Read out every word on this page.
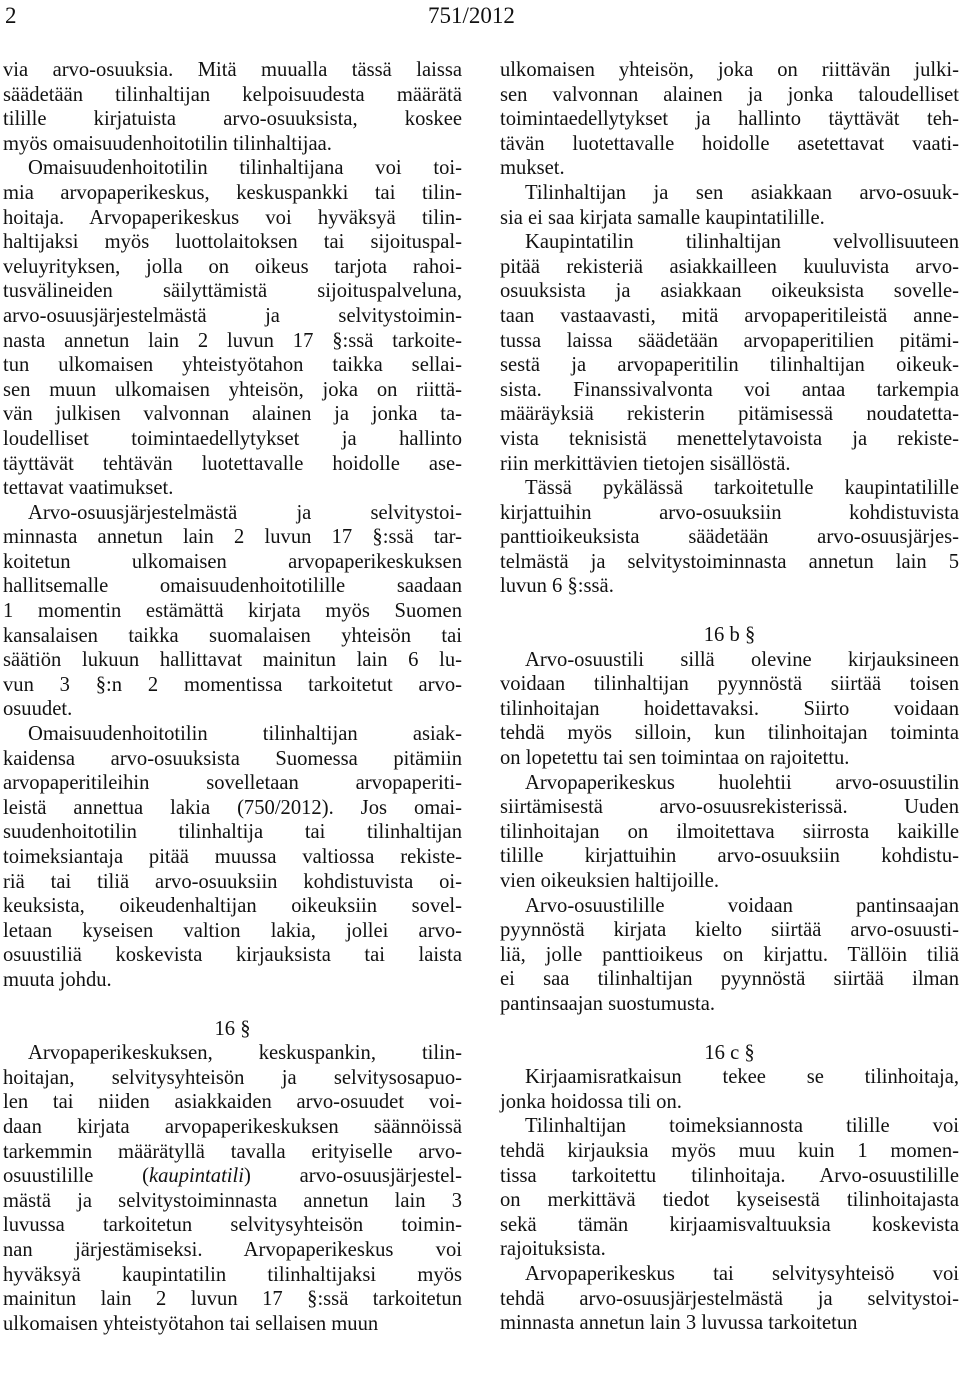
2	751/2012
via arvo-osuuksia. Mitä muualla tässä laissa
säädetään tilinhaltijan kelpoisuudesta määrätä
tilille kirjatuista arvo-osuuksista, koskee
myös omaisuudenhoitotilin tilinhaltijaa.
Omaisuudenhoitotilin tilinhaltijana voi toi-
mia arvopaperikeskus, keskuspankki tai tilin-
hoitaja. Arvopaperikeskus voi hyväksyä tilin-
haltijaksi myös luottolaitoksen tai sijoituspal-
veluyrityksen, jolla on oikeus tarjota rahoi-
tusvälineiden säilyttämistä sijoituspalveluna,
arvo-osuusjärjestelmästä ja selvitystoimin-
nasta annetun lain 2 luvun 17 §:ssä tarkoite-
tun ulkomaisen yhteistyötahon taikka sellai-
sen muun ulkomaisen yhteisön, joka on riittä-
vän julkisen valvonnan alainen ja jonka ta-
loudelliset toimintaedellytykset ja hallinto
täyttävät tehtävän luotettavalle hoidolle ase-
tettavat vaatimukset.
Arvo-osuusjärjestelmästä ja selvitystoi-
minnasta annetun lain 2 luvun 17 §:ssä tar-
koitetun ulkomaisen arvopaperikeskuksen
hallitsemalle omaisuudenhoitotilille saadaan
1 momentin estämättä kirjata myös Suomen
kansalaisen taikka suomalaisen yhteisön tai
säätiön lukuun hallittavat mainitun lain 6 lu-
vun 3 §:n 2 momentissa tarkoitetut arvo-
osuudet.
Omaisuudenhoitotilin tilinhaltijan asiak-
kaidensa arvo-osuuksista Suomessa pitämiin
arvopaperitileihin sovelletaan arvopaperiti-
leistä annettua lakia (750/2012). Jos omai-
suudenhoitotilin tilinhaltija tai tilinhaltijan
toimeksiantaja pitää muussa valtiossa rekiste-
riä tai tiliä arvo-osuuksiin kohdistuvista oi-
keuksista, oikeudenhaltijan oikeuksiin sovel-
letaan kyseisen valtion lakia, jollei arvo-
osuustiliä koskevista kirjauksista tai laista
muuta johdu.
16 §
Arvopaperikeskuksen, keskuspankin, tilin-
hoitajan, selvitysyhteisön ja selvitysosapuo-
len tai niiden asiakkaiden arvo-osuudet voi-
daan kirjata arvopaperikeskuksen säännöissä
tarkemmin määrätyllä tavalla erityiselle arvo-
osuustilille (kaupintatili) arvo-osuusjärjestel-
mästä ja selvitystoiminnasta annetun lain 3
luvussa tarkoitetun selvitysyhteisön toimin-
nan järjestämiseksi. Arvopaperikeskus voi
hyväksyä kaupintatilin tilinhaltijaksi myös
mainitun lain 2 luvun 17 §:ssä tarkoitetun
ulkomaisen yhteistyötahon tai sellaisen muun
ulkomaisen yhteisön, joka on riittävän julki-
sen valvonnan alainen ja jonka taloudelliset
toimintaedellytykset ja hallinto täyttävät teh-
tävän luotettavalle hoidolle asetettavat vaati-
mukset.
Tilinhaltijan ja sen asiakkaan arvo-osuuk-
sia ei saa kirjata samalle kaupintatilille.
Kaupintatilin tilinhaltijan velvollisuuteen
pitää rekisteriä asiakkailleen kuuluvista arvo-
osuuksista ja asiakkaan oikeuksista sovelle-
taan vastaavasti, mitä arvopaperitileistä anne-
tussa laissa säädetään arvopaperitilien pitämi-
sestä ja arvopaperitilin tilinhaltijan oikeuk-
sista. Finanssivalvonta voi antaa tarkempia
määräyksiä rekisterin pitämisessä noudatetta-
vista teknisistä menettelytavoista ja rekiste-
riin merkittävien tietojen sisällöstä.
Tässä pykälässä tarkoitetulle kaupintatilille
kirjattuihin arvo-osuuksiin kohdistuvista
panttioikeuksista säädetään arvo-osuusjärjes-
telmästä ja selvitystoiminnasta annetun lain 5
luvun 6 §:ssä.
16 b §
Arvo-osuustili sillä olevine kirjauksineen
voidaan tilinhaltijan pyynnöstä siirtää toisen
tilinhoitajan hoidettavaksi. Siirto voidaan
tehdä myös silloin, kun tilinhoitajan toiminta
on lopetettu tai sen toimintaa on rajoitettu.
Arvopaperikeskus huolehtii arvo-osuustilin
siirtämisestä arvo-osuusrekisterissä. Uuden
tilinhoitajan on ilmoitettava siirrosta kaikille
tilille kirjattuihin arvo-osuuksiin kohdistu-
vien oikeuksien haltijoille.
Arvo-osuustilille voidaan pantinsaajan
pyynnöstä kirjata kielto siirtää arvo-osuusti-
liä, jolle panttioikeus on kirjattu. Tällöin tiliä
ei saa tilinhaltijan pyynnöstä siirtää ilman
pantinsaajan suostumusta.
16 c §
Kirjaamisratkaisun tekee se tilinhoitaja,
jonka hoidossa tili on.
Tilinhaltijan toimeksiannosta tilille voi
tehdä kirjauksia myös muu kuin 1 momen-
tissa tarkoitettu tilinhoitaja. Arvo-osuustilille
on merkittävä tiedot kyseisestä tilinhoitajasta
sekä tämän kirjaamisvaltuuksia koskevista
rajoituksista.
Arvopaperikeskus tai selvitysyhteisö voi
tehdä arvo-osuusjärjestelmästä ja selvitystoi-
minnasta annetun lain 3 luvussa tarkoitetun
